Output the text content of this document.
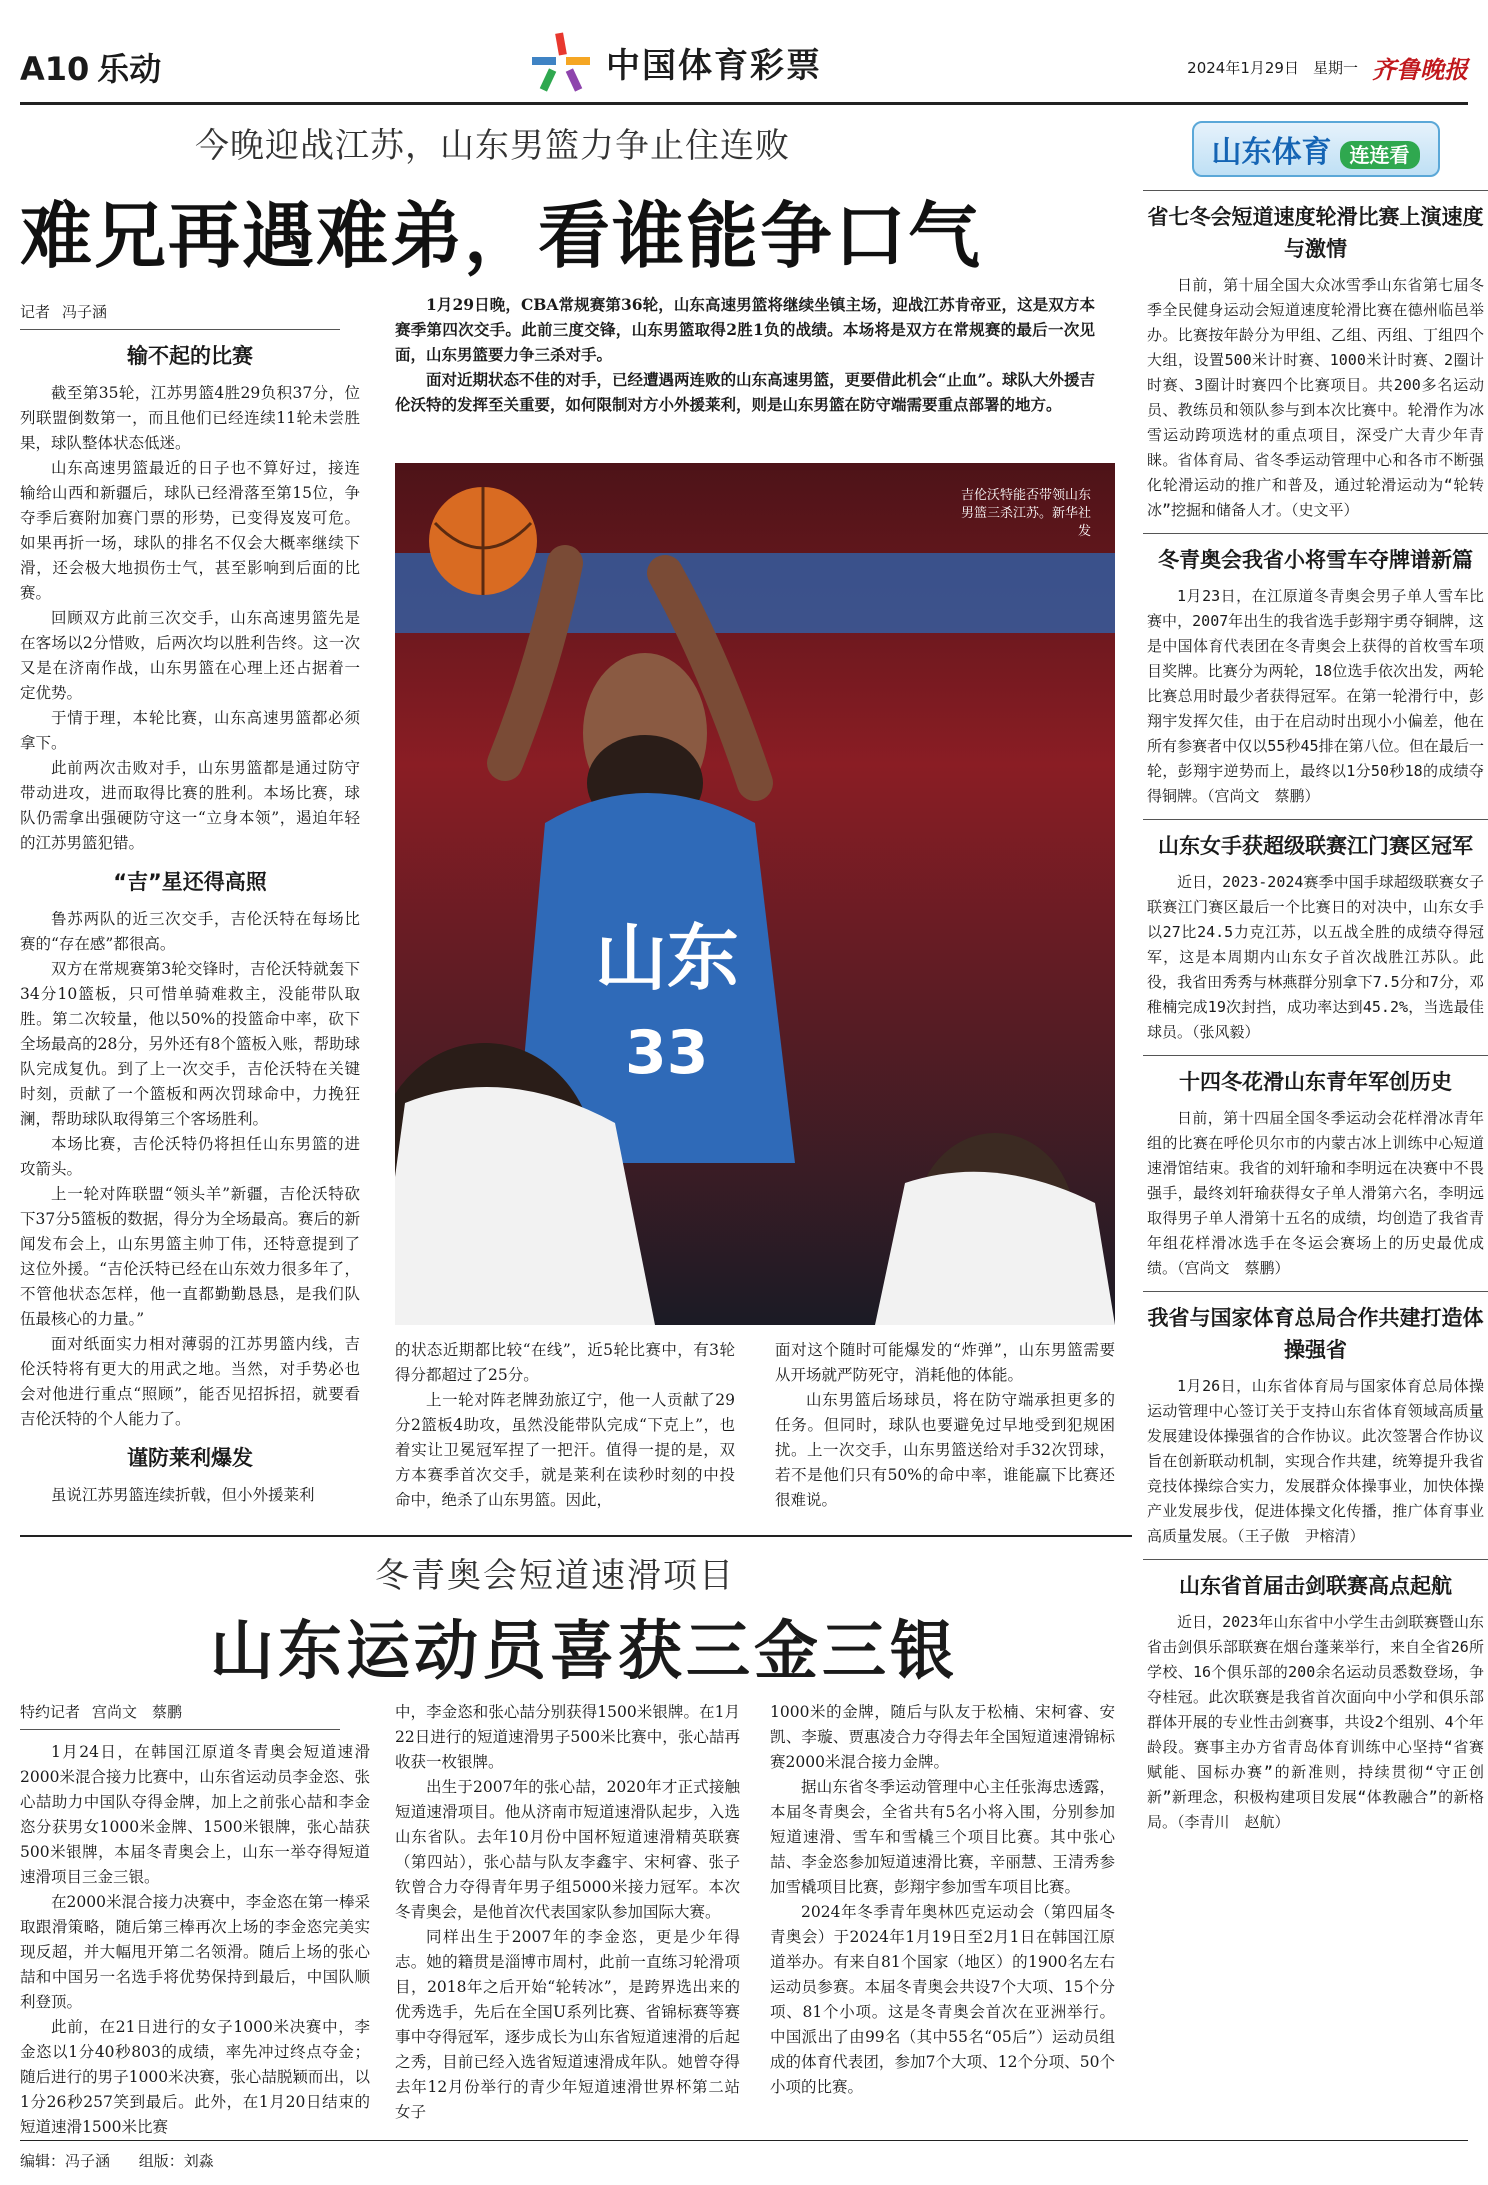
A10 乐动	中国体育彩票	2024年1月29日 星期一 齐鲁晚报
今晚迎战江苏，山东男篮力争止住连败
难兄再遇难弟，看谁能争口气
记者 冯子涵
输不起的比赛

截至第35轮，江苏男篮4胜29负积37分，位列联盟倒数第一，而且他们已经连续11轮未尝胜果，球队整体状态低迷。

山东高速男篮最近的日子也不算好过，接连输给山西和新疆后，球队已经滑落至第15位，争夺季后赛附加赛门票的形势，已变得岌岌可危。如果再折一场，球队的排名不仅会大概率继续下滑，还会极大地损伤士气，甚至影响到后面的比赛。

回顾双方此前三次交手，山东高速男篮先是在客场以2分惜败，后两次均以胜利告终。这一次又是在济南作战，山东男篮在心理上还占据着一定优势。

于情于理，本轮比赛，山东高速男篮都必须拿下。

此前两次击败对手，山东男篮都是通过防守带动进攻，进而取得比赛的胜利。本场比赛，球队仍需拿出强硬防守这一“立身本领”，遏迫年轻的江苏男篮犯错。

“吉”星还得高照

鲁苏两队的近三次交手，吉伦沃特在每场比赛的“存在感”都很高。

双方在常规赛第3轮交锋时，吉伦沃特就轰下34分10篮板，只可惜单骑难救主，没能带队取胜。第二次较量，他以50%的投篮命中率，砍下全场最高的28分，另外还有8个篮板入账，帮助球队完成复仇。到了上一次交手，吉伦沃特在关键时刻，贡献了一个篮板和两次罚球命中，力挽狂澜，帮助球队取得第三个客场胜利。

本场比赛，吉伦沃特仍将担任山东男篮的进攻箭头。

上一轮对阵联盟“领头羊”新疆，吉伦沃特砍下37分5篮板的数据，得分为全场最高。赛后的新闻发布会上，山东男篮主帅丁伟，还特意提到了这位外援。“吉伦沃特已经在山东效力很多年了，不管他状态怎样，他一直都勤勤恳恳，是我们队伍最核心的力量。”

面对纸面实力相对薄弱的江苏男篮内线，吉伦沃特将有更大的用武之地。当然，对手势必也会对他进行重点“照顾”，能否见招拆招，就要看吉伦沃特的个人能力了。

谨防莱利爆发

虽说江苏男篮连续折戟，但小外援莱利

1月29日晚，CBA常规赛第36轮，山东高速男篮将继续坐镇主场，迎战江苏肯帝亚，这是双方本赛季第四次交手。此前三度交锋，山东男篮取得2胜1负的战绩。本场将是双方在常规赛的最后一次见面，山东男篮要力争三杀对手。

面对近期状态不佳的对手，已经遭遇两连败的山东高速男篮，更要借此机会“止血”。球队大外援吉伦沃特的发挥至关重要，如何限制对方小外援莱利，则是山东男篮在防守端需要重点部署的地方。

山东
33
吉伦沃特能否带领山东男篮三杀江苏。新华社发

的状态近期都比较“在线”，近5轮比赛中，有3轮得分都超过了25分。

上一轮对阵老牌劲旅辽宁，他一人贡献了29分2篮板4助攻，虽然没能带队完成“下克上”，也着实让卫冕冠军捏了一把汗。值得一提的是，双方本赛季首次交手，就是莱利在读秒时刻的中投命中，绝杀了山东男篮。因此，

面对这个随时可能爆发的“炸弹”，山东男篮需要从开场就严防死守，消耗他的体能。

山东男篮后场球员，将在防守端承担更多的任务。但同时，球队也要避免过早地受到犯规困扰。上一次交手，山东男篮送给对手32次罚球，若不是他们只有50%的命中率，谁能赢下比赛还很难说。

冬青奥会短道速滑项目
山东运动员喜获三金三银
特约记者 宫尚文　蔡鹏

1月24日，在韩国江原道冬青奥会短道速滑2000米混合接力比赛中，山东省运动员李金恣、张心喆助力中国队夺得金牌，加上之前张心喆和李金恣分获男女1000米金牌、1500米银牌，张心喆获500米银牌，本届冬青奥会上，山东一举夺得短道速滑项目三金三银。

在2000米混合接力决赛中，李金恣在第一棒采取跟滑策略，随后第三棒再次上场的李金恣完美实现反超，并大幅甩开第二名领滑。随后上场的张心喆和中国另一名选手将优势保持到最后，中国队顺利登顶。

此前，在21日进行的女子1000米决赛中，李金恣以1分40秒803的成绩，率先冲过终点夺金；随后进行的男子1000米决赛，张心喆脱颖而出，以1分26秒257笑到最后。此外，在1月20日结束的短道速滑1500米比赛

中，李金恣和张心喆分别获得1500米银牌。在1月22日进行的短道速滑男子500米比赛中，张心喆再收获一枚银牌。

出生于2007年的张心喆，2020年才正式接触短道速滑项目。他从济南市短道速滑队起步，入选山东省队。去年10月份中国杯短道速滑精英联赛（第四站），张心喆与队友李鑫宇、宋柯睿、张子钦曾合力夺得青年男子组5000米接力冠军。本次冬青奥会，是他首次代表国家队参加国际大赛。

同样出生于2007年的李金恣，更是少年得志。她的籍贯是淄博市周村，此前一直练习轮滑项目，2018年之后开始“轮转冰”，是跨界选出来的优秀选手，先后在全国U系列比赛、省锦标赛等赛事中夺得冠军，逐步成长为山东省短道速滑的后起之秀，目前已经入选省短道速滑成年队。她曾夺得去年12月份举行的青少年短道速滑世界杯第二站女子

1000米的金牌，随后与队友于松楠、宋柯睿、安凯、李璇、贾惠凌合力夺得去年全国短道速滑锦标赛2000米混合接力金牌。

据山东省冬季运动管理中心主任张海忠透露，本届冬青奥会，全省共有5名小将入围，分别参加短道速滑、雪车和雪橇三个项目比赛。其中张心喆、李金恣参加短道速滑比赛，辛丽慧、王清秀参加雪橇项目比赛，彭翔宇参加雪车项目比赛。

2024年冬季青年奥林匹克运动会（第四届冬青奥会）于2024年1月19日至2月1日在韩国江原道举办。有来自81个国家（地区）的1900名左右运动员参赛。本届冬青奥会共设7个大项、15个分项、81个小项。这是冬青奥会首次在亚洲举行。中国派出了由99名（其中55名“05后”）运动员组成的体育代表团，参加7个大项、12个分项、50个小项的比赛。

山东体育 连连看
省七冬会短道速度轮滑比赛上演速度与激情

日前，第十届全国大众冰雪季山东省第七届冬季全民健身运动会短道速度轮滑比赛在德州临邑举办。比赛按年龄分为甲组、乙组、丙组、丁组四个大组，设置500米计时赛、1000米计时赛、2圈计时赛、3圈计时赛四个比赛项目。共200多名运动员、教练员和领队参与到本次比赛中。轮滑作为冰雪运动跨项选材的重点项目，深受广大青少年青睐。省体育局、省冬季运动管理中心和各市不断强化轮滑运动的推广和普及，通过轮滑运动为“轮转冰”挖掘和储备人才。（史文平）

冬青奥会我省小将雪车夺牌谱新篇

1月23日，在江原道冬青奥会男子单人雪车比赛中，2007年出生的我省选手彭翔宇勇夺铜牌，这是中国体育代表团在冬青奥会上获得的首枚雪车项目奖牌。比赛分为两轮，18位选手依次出发，两轮比赛总用时最少者获得冠军。在第一轮滑行中，彭翔宇发挥欠佳，由于在启动时出现小小偏差，他在所有参赛者中仅以55秒45排在第八位。但在最后一轮，彭翔宇逆势而上，最终以1分50秒18的成绩夺得铜牌。（宫尚文　蔡鹏）

山东女手获超级联赛江门赛区冠军

近日，2023-2024赛季中国手球超级联赛女子联赛江门赛区最后一个比赛日的对决中，山东女手以27比24.5力克江苏，以五战全胜的成绩夺得冠军，这是本周期内山东女子首次战胜江苏队。此役，我省田秀秀与林燕群分别拿下7.5分和7分，邓稚楠完成19次封挡，成功率达到45.2%，当选最佳球员。（张风毅）

十四冬花滑山东青年军创历史

日前，第十四届全国冬季运动会花样滑冰青年组的比赛在呼伦贝尔市的内蒙古冰上训练中心短道速滑馆结束。我省的刘轩瑜和李明远在决赛中不畏强手，最终刘轩瑜获得女子单人滑第六名，李明远取得男子单人滑第十五名的成绩，均创造了我省青年组花样滑冰选手在冬运会赛场上的历史最优成绩。（宫尚文　蔡鹏）

我省与国家体育总局合作共建打造体操强省

1月26日，山东省体育局与国家体育总局体操运动管理中心签订关于支持山东省体育领域高质量发展建设体操强省的合作协议。此次签署合作协议旨在创新联动机制，实现合作共建，统筹提升我省竞技体操综合实力，发展群众体操事业，加快体操产业发展步伐，促进体操文化传播，推广体育事业高质量发展。（王子傲　尹榕清）

山东省首届击剑联赛高点起航

近日，2023年山东省中小学生击剑联赛暨山东省击剑俱乐部联赛在烟台蓬莱举行，来自全省26所学校、16个俱乐部的200余名运动员悉数登场，争夺桂冠。此次联赛是我省首次面向中小学和俱乐部群体开展的专业性击剑赛事，共设2个组别、4个年龄段。赛事主办方省青岛体育训练中心坚持“省赛赋能、国标办赛”的新准则，持续贯彻“守正创新”新理念，积极构建项目发展“体教融合”的新格局。（李青川　赵航）

编辑：冯子涵 组版：刘淼
